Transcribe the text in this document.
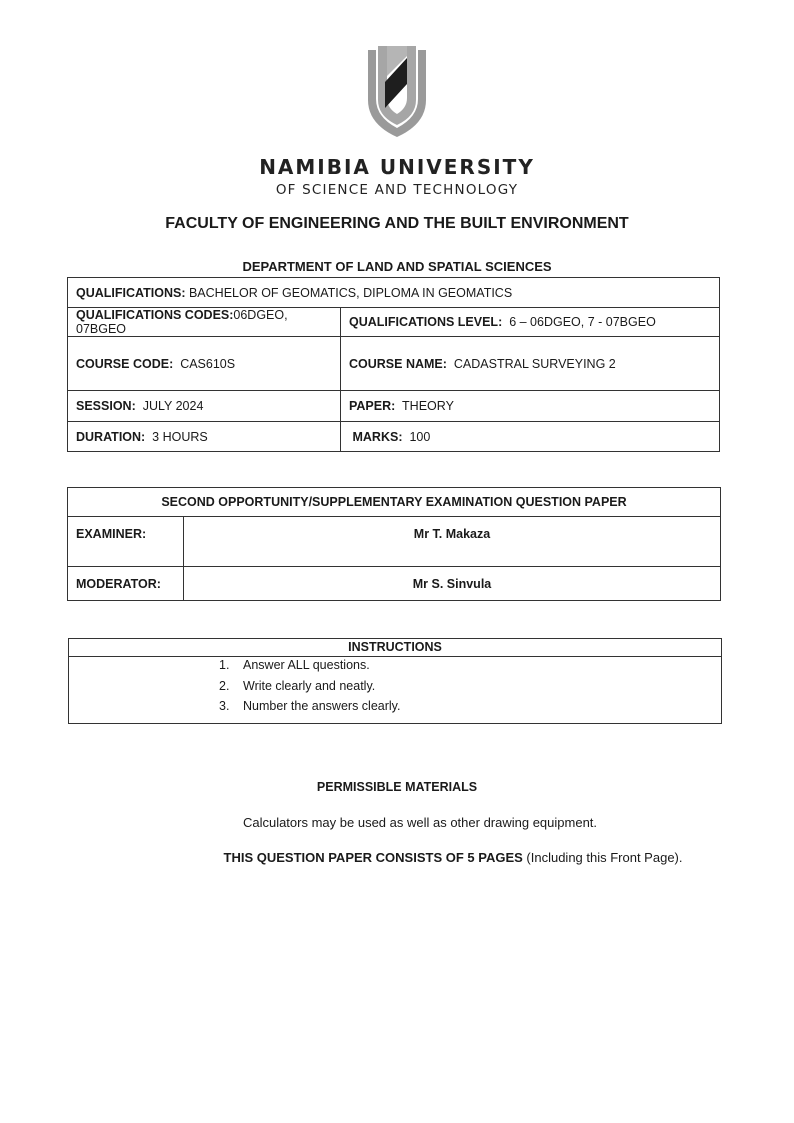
NAMIBIA UNIVERSITY
OF SCIENCE AND TECHNOLOGY
FACULTY OF ENGINEERING AND THE BUILT ENVIRONMENT
DEPARTMENT OF LAND AND SPATIAL SCIENCES
QUALIFICATIONS: BACHELOR OF GEOMATICS, DIPLOMA IN GEOMATICS	
QUALIFICATIONS CODES:06DGEO, 07BGEO	QUALIFICATIONS LEVEL: 6 – 06DGEO, 7 - 07BGEO
COURSE CODE: CAS610S	COURSE NAME: CADASTRAL SURVEYING 2
SESSION: JULY 2024	PAPER: THEORY
DURATION: 3 HOURS	MARKS: 100
SECOND OPPORTUNITY/SUPPLEMENTARY EXAMINATION QUESTION PAPER	
EXAMINER:	Mr T. Makaza
MODERATOR:	Mr S. Sinvula
INSTRUCTIONS
1. Answer ALL questions.
2. Write clearly and neatly.
3. Number the answers clearly.
PERMISSIBLE MATERIALS
Calculators may be used as well as other drawing equipment.
THIS QUESTION PAPER CONSISTS OF 5 PAGES (Including this Front Page).
